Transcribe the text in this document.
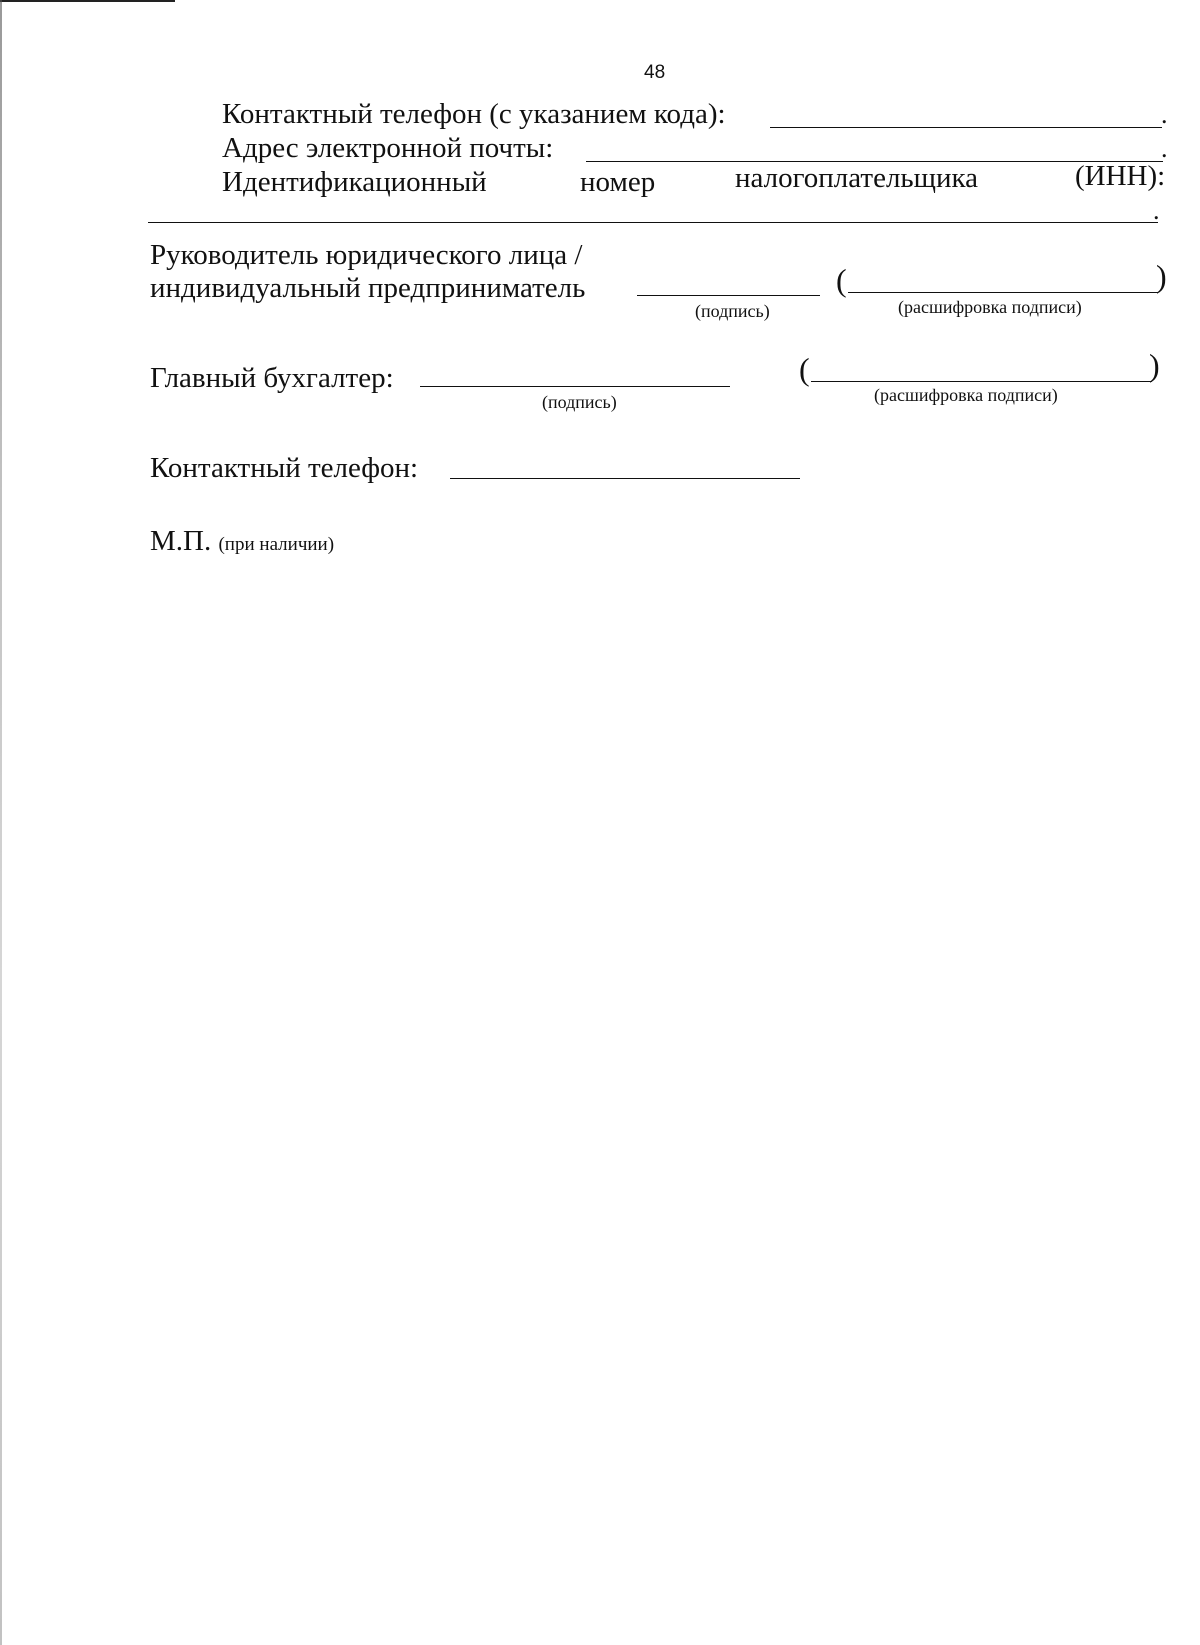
48
Контактный телефон (с указанием кода):	.
Адрес электронной почты:	.
Идентификационный	номер	налогоплательщика	(ИНН):
.
Руководитель юридического лица /
индивидуальный предприниматель
(подпись)
(	)
(расшифровка подписи)
Главный бухгалтер:
(подпись)
(	)
(расшифровка подписи)
Контактный телефон:
М.П. (при наличии)
